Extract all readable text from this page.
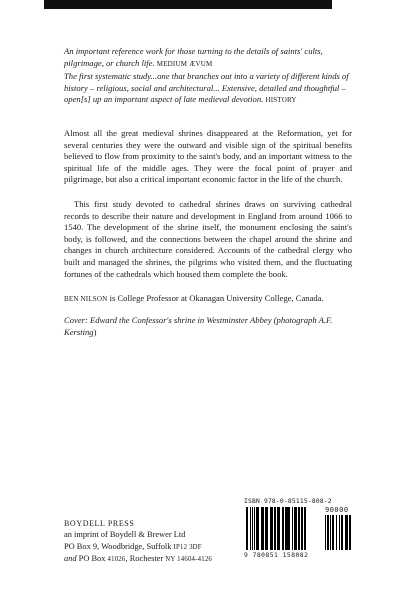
An important reference work for those turning to the details of saints' cults, pilgrimage, or church life. MEDIUM ÆVUM

The first systematic study...one that branches out into a variety of different kinds of history – religious, social and architectural... Extensive, detailed and thoughtful – open[s] up an important aspect of late medieval devotion. HISTORY

Almost all the great medieval shrines disappeared at the Reformation, yet for several centuries they were the outward and visible sign of the spiritual benefits believed to flow from proximity to the saint's body, and an important witness to the spiritual life of the middle ages. They were the focal point of prayer and pilgrimage, but also a critical important economic factor in the life of the church.

This first study devoted to cathedral shrines draws on surviving cathedral records to describe their nature and development in England from around 1066 to 1540. The development of the shrine itself, the monument enclosing the saint's body, is followed, and the connections between the chapel around the shrine and changes in church architecture considered. Accounts of the cathedral clergy who built and managed the shrines, the pilgrims who visited them, and the fluctuating fortunes of the cathedrals which housed them complete the book.

BEN NILSON is College Professor at Okanagan University College, Canada.

Cover: Edward the Confessor's shrine in Westminster Abbey (photograph A.F. Kersting)

BOYDELL PRESS
an imprint of Boydell & Brewer Ltd
PO Box 9, Woodbridge, Suffolk IP12 3DF
and PO Box 41026, Rochester NY 14604-4126
ISBN 978-0-85115-808-2
90000
9 780851 158082
